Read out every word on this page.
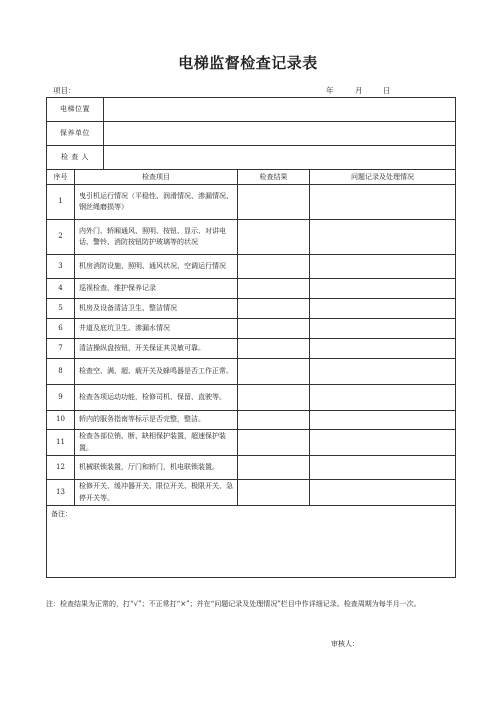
电梯监督检查记录表
项目：	年	月	日
电梯位置			

保养单位			

检 查 人			

序号	检查项目	检查结果	问题记录及处理情况
1	曳引机运行情况（平稳性、润滑情况、渗漏情况、钢丝绳磨损等）		
2	内外门、轿厢通风、照明、按钮、显示、对讲电话、警铃、消防按钮防护玻璃等的状况		
3	机房消防设施、照明、通风状况、空调运行情况		
4	巡视检查、维护保养记录		
5	机房及设备清洁卫生、整洁情况		
6	井道及底坑卫生、渗漏水情况		
7	清洁操纵盘按钮，开关保证其灵敏可靠。		
8	检查空、满、超、载开关及蜂鸣器是否工作正常。		
9	检查各项运动功能，检修司机、保留、直驶等。		
10	轿内的服务指南等标示是否完整，整洁。		
11	检查各部位销、断、缺相保护装置，超速保护装置。		
12	机械联锁装置，厅门和轿门，机电联锁装置。		
13	检修开关、缓冲器开关、限位开关、极限开关、急停开关等。		
备注：			
注：检查结果为正常的，打“√”；不正常打“×”；并在“问题记录及处理情况”栏目中作详细记录。检查周期为每半月一次。
审核人：
